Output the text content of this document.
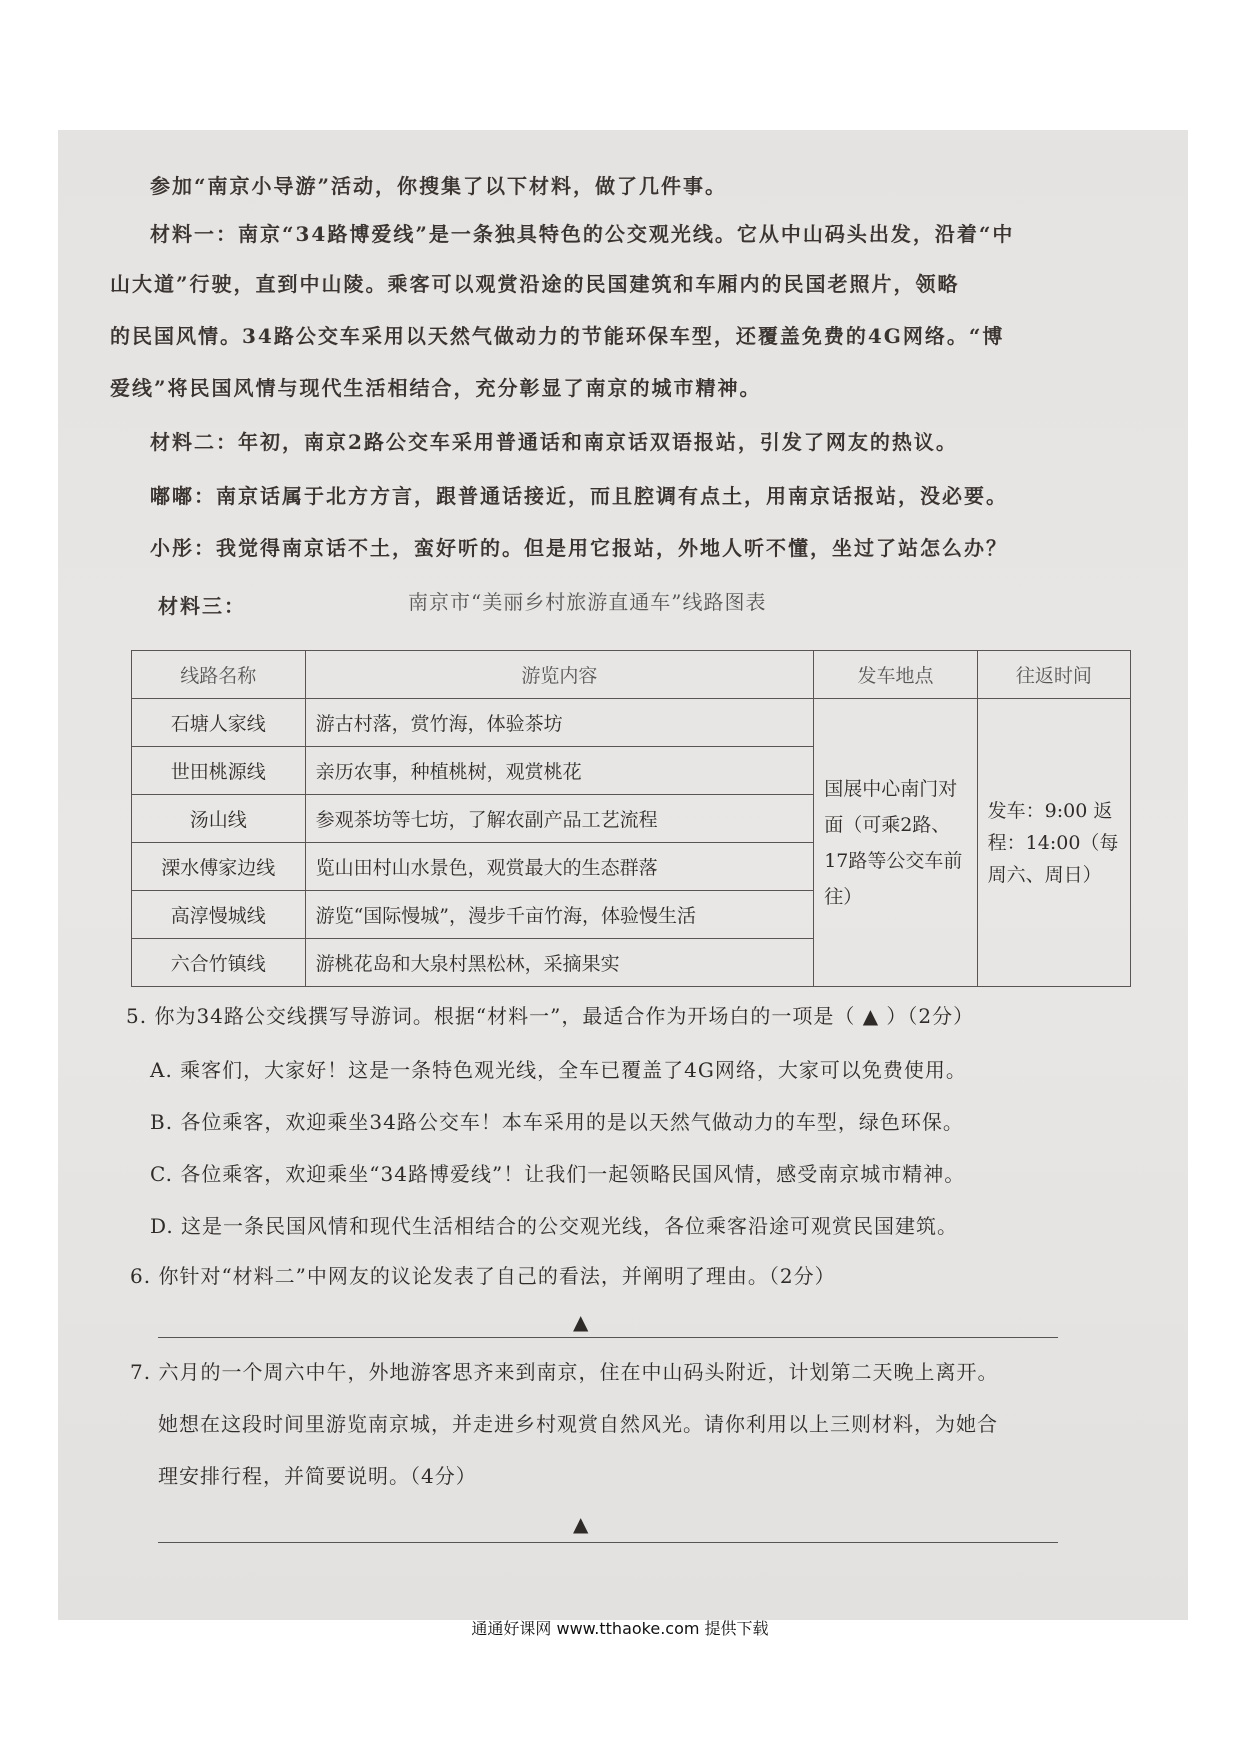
参加“南京小导游”活动，你搜集了以下材料，做了几件事。
材料一：南京“34路博爱线”是一条独具特色的公交观光线。它从中山码头出发，沿着“中
山大道”行驶，直到中山陵。乘客可以观赏沿途的民国建筑和车厢内的民国老照片，领略
的民国风情。34路公交车采用以天然气做动力的节能环保车型，还覆盖免费的4G网络。“博
爱线”将民国风情与现代生活相结合，充分彰显了南京的城市精神。
材料二：年初，南京2路公交车采用普通话和南京话双语报站，引发了网友的热议。
嘟嘟：南京话属于北方方言，跟普通话接近，而且腔调有点土，用南京话报站，没必要。
小彤：我觉得南京话不土，蛮好听的。但是用它报站，外地人听不懂，坐过了站怎么办？
材料三：	南京市“美丽乡村旅游直通车”线路图表
线路名称	游览内容	发车地点	往返时间
石塘人家线	游古村落，赏竹海，体验茶坊	国展中心南门对面（可乘2路、17路等公交车前往）	发车：9:00 返程：14:00（每周六、周日）
世田桃源线	亲历农事，种植桃树，观赏桃花		
汤山线	参观茶坊等七坊，了解农副产品工艺流程		
溧水傅家边线	览山田村山水景色，观赏最大的生态群落		
高淳慢城线	游览“国际慢城”，漫步千亩竹海，体验慢生活		
六合竹镇线	游桃花岛和大泉村黑松林，采摘果实		
5. 你为34路公交线撰写导游词。根据“材料一”，最适合作为开场白的一项是（ ▲ ）（2分）
A. 乘客们，大家好！这是一条特色观光线，全车已覆盖了4G网络，大家可以免费使用。
B. 各位乘客，欢迎乘坐34路公交车！本车采用的是以天然气做动力的车型，绿色环保。
C. 各位乘客，欢迎乘坐“34路博爱线”！让我们一起领略民国风情，感受南京城市精神。
D. 这是一条民国风情和现代生活相结合的公交观光线，各位乘客沿途可观赏民国建筑。
6. 你针对“材料二”中网友的议论发表了自己的看法，并阐明了理由。（2分）
▲
7. 六月的一个周六中午，外地游客思齐来到南京，住在中山码头附近，计划第二天晚上离开。
她想在这段时间里游览南京城，并走进乡村观赏自然风光。请你利用以上三则材料，为她合
理安排行程，并简要说明。（4分）
▲
通通好课网 www.tthaoke.com 提供下载
